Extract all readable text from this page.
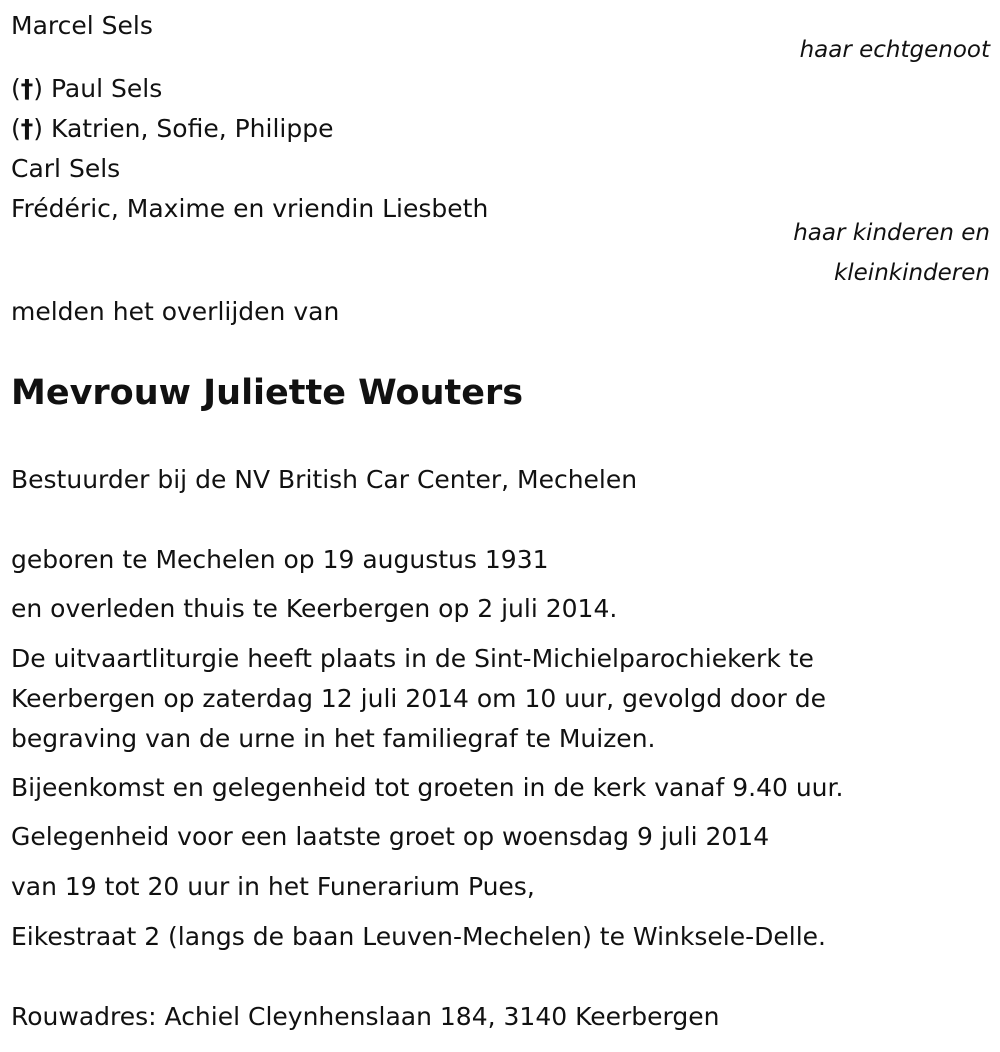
Marcel Sels
haar echtgenoot
(†) Paul Sels
(†) Katrien, Sofie, Philippe
Carl Sels
Frédéric, Maxime en vriendin Liesbeth
haar kinderen en
kleinkinderen
melden het overlijden van
Mevrouw Juliette Wouters
Bestuurder bij de NV British Car Center, Mechelen
geboren te Mechelen op 19 augustus 1931
en overleden thuis te Keerbergen op 2 juli 2014.
De uitvaartliturgie heeft plaats in de Sint-Michielparochiekerk te
Keerbergen op zaterdag 12 juli 2014 om 10 uur, gevolgd door de
begraving van de urne in het familiegraf te Muizen.
Bijeenkomst en gelegenheid tot groeten in de kerk vanaf 9.40 uur.
Gelegenheid voor een laatste groet op woensdag 9 juli 2014
van 19 tot 20 uur in het Funerarium Pues,
Eikestraat 2 (langs de baan Leuven-Mechelen) te Winksele-Delle.
Rouwadres: Achiel Cleynhenslaan 184, 3140 Keerbergen
